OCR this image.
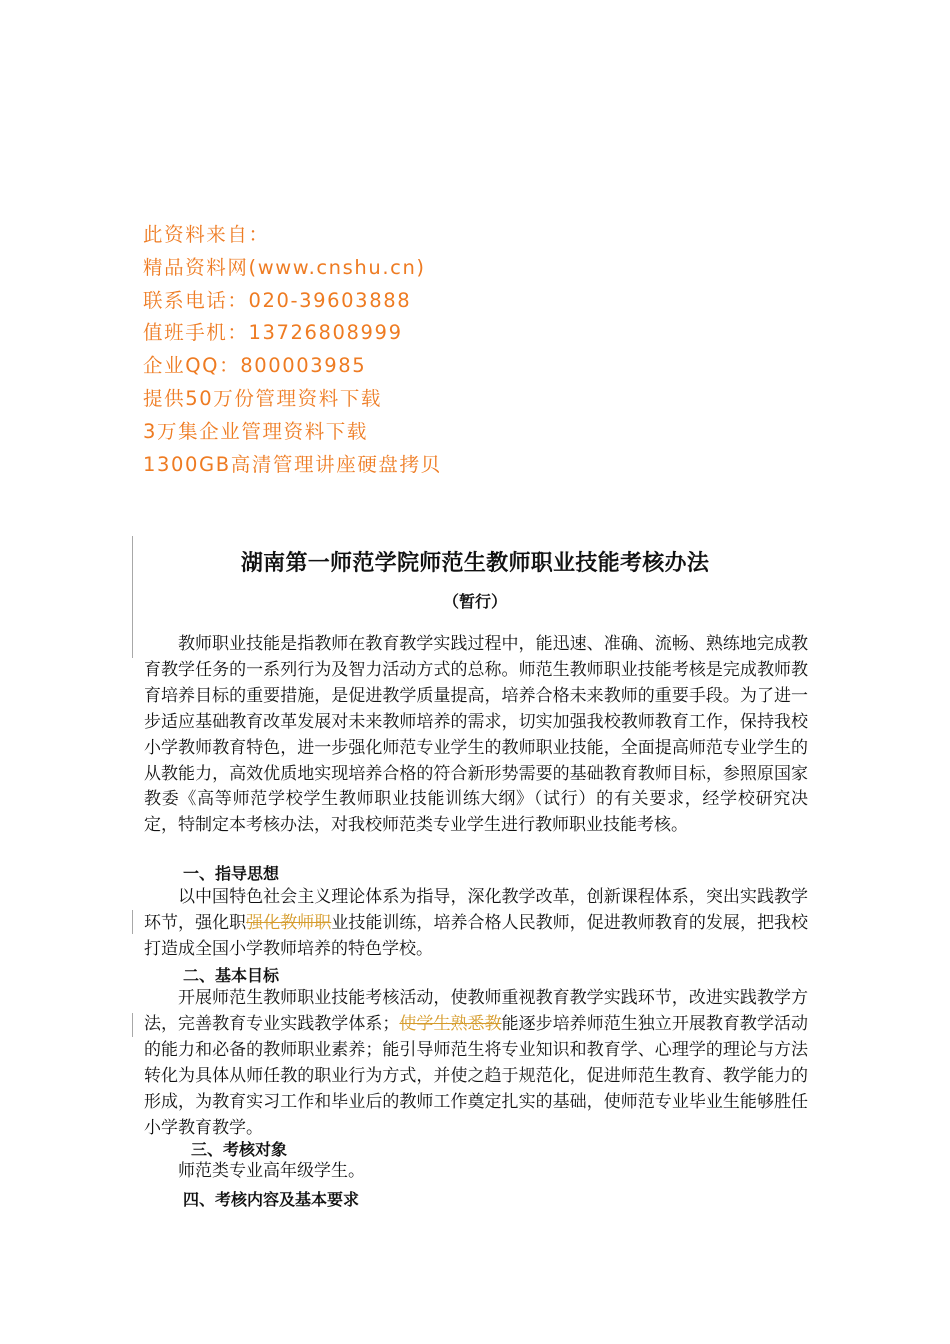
此资料来自：
精品资料网(www.cnshu.cn)
联系电话：020-39603888
值班手机：13726808999
企业QQ：800003985
提供50万份管理资料下载
3万集企业管理资料下载
1300GB高清管理讲座硬盘拷贝
湖南第一师范学院师范生教师职业技能考核办法
（暂行）

教师职业技能是指教师在教育教学实践过程中，能迅速、准确、流畅、熟练地完成教育教学任务的一系列行为及智力活动方式的总称。师范生教师职业技能考核是完成教师教育培养目标的重要措施，是促进教学质量提高，培养合格未来教师的重要手段。为了进一步适应基础教育改革发展对未来教师培养的需求，切实加强我校教师教育工作，保持我校小学教师教育特色，进一步强化师范专业学生的教师职业技能，全面提高师范专业学生的从教能力，高效优质地实现培养合格的符合新形势需要的基础教育教师目标，参照原国家教委《高等师范学校学生教师职业技能训练大纲》（试行）的有关要求，经学校研究决定，特制定本考核办法，对我校师范类专业学生进行教师职业技能考核。

一、指导思想

以中国特色社会主义理论体系为指导，深化教学改革，创新课程体系，突出实践教学环节，强化职强化教师职业技能训练，培养合格人民教师，促进教师教育的发展，把我校打造成全国小学教师培养的特色学校。

二、基本目标

开展师范生教师职业技能考核活动，使教师重视教育教学实践环节，改进实践教学方法，完善教育专业实践教学体系；使学生熟悉教能逐步培养师范生独立开展教育教学活动的能力和必备的教师职业素养；能引导师范生将专业知识和教育学、心理学的理论与方法转化为具体从师任教的职业行为方式，并使之趋于规范化，促进师范生教育、教学能力的形成，为教育实习工作和毕业后的教师工作奠定扎实的基础，使师范专业毕业生能够胜任小学教育教学。

三、考核对象

师范类专业高年级学生。

四、考核内容及基本要求
